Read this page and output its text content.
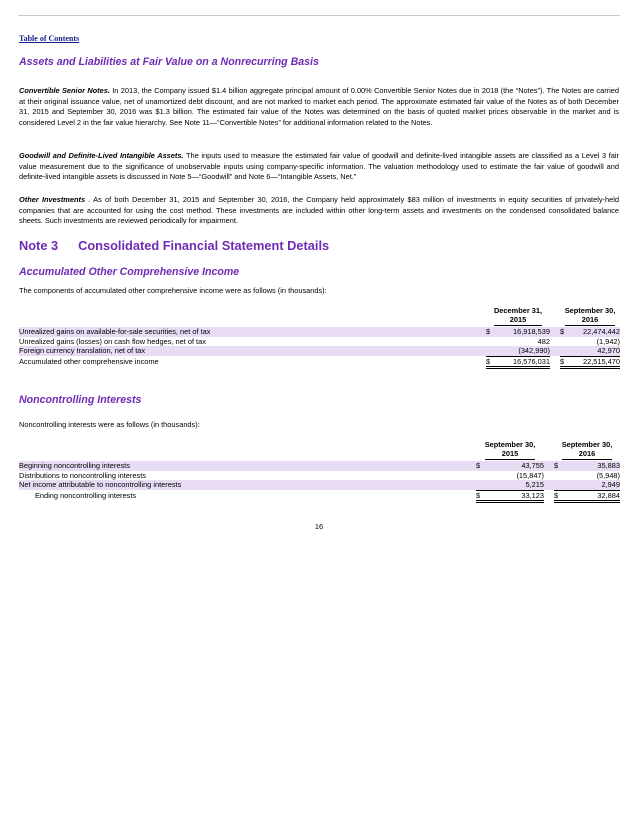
Table of Contents
Assets and Liabilities at Fair Value on a Nonrecurring Basis
Convertible Senior Notes. In 2013, the Company issued $1.4 billion aggregate principal amount of 0.00% Convertible Senior Notes due in 2018 (the “Notes”). The Notes are carried at their original issuance value, net of unamortized debt discount, and are not marked to market each period. The approximate estimated fair value of the Notes as of both December 31, 2015 and September 30, 2016 was $1.3 billion. The estimated fair value of the Notes was determined on the basis of quoted market prices observable in the market and is considered Level 2 in the fair value hierarchy. See Note 11—“Convertible Notes” for additional information related to the Notes.
Goodwill and Definite-Lived Intangible Assets. The inputs used to measure the estimated fair value of goodwill and definite-lived intangible assets are classified as a Level 3 fair value measurement due to the significance of unobservable inputs using company-specific information. The valuation methodology used to estimate the fair value of goodwill and definite-lived intangible assets is discussed in Note 5—“Goodwill” and Note 6—“Intangible Assets, Net.”
Other Investments . As of both December 31, 2015 and September 30, 2016, the Company held approximately $83 million of investments in equity securities of privately-held companies that are accounted for using the cost method. These investments are included within other long-term assets and investments on the condensed consolidated balance sheets. Such investments are reviewed periodically for impairment.
Note 3 Consolidated Financial Statement Details
Accumulated Other Comprehensive Income
The components of accumulated other comprehensive income were as follows (in thousands):
	December 31,
2015			September 30,
2016	
Unrealized gains on available-for-sale securities, net of tax	$	16,918,539		$	22,474,442
Unrealized gains (losses) on cash flow hedges, net of tax		482			(1,942)
Foreign currency translation, net of tax		(342,990)			42,970
Accumulated other comprehensive income	$	16,576,031		$	22,515,470
Noncontrolling Interests
Noncontrolling interests were as follows (in thousands):
	September 30,
2015			September 30,
2016	
Beginning noncontrolling interests	$	43,755		$	35,883
Distributions to noncontrolling interests		(15,847)			(5,948)
Net income attributable to noncontrolling interests		5,215			2,949
Ending noncontrolling interests	$	33,123		$	32,884
16
